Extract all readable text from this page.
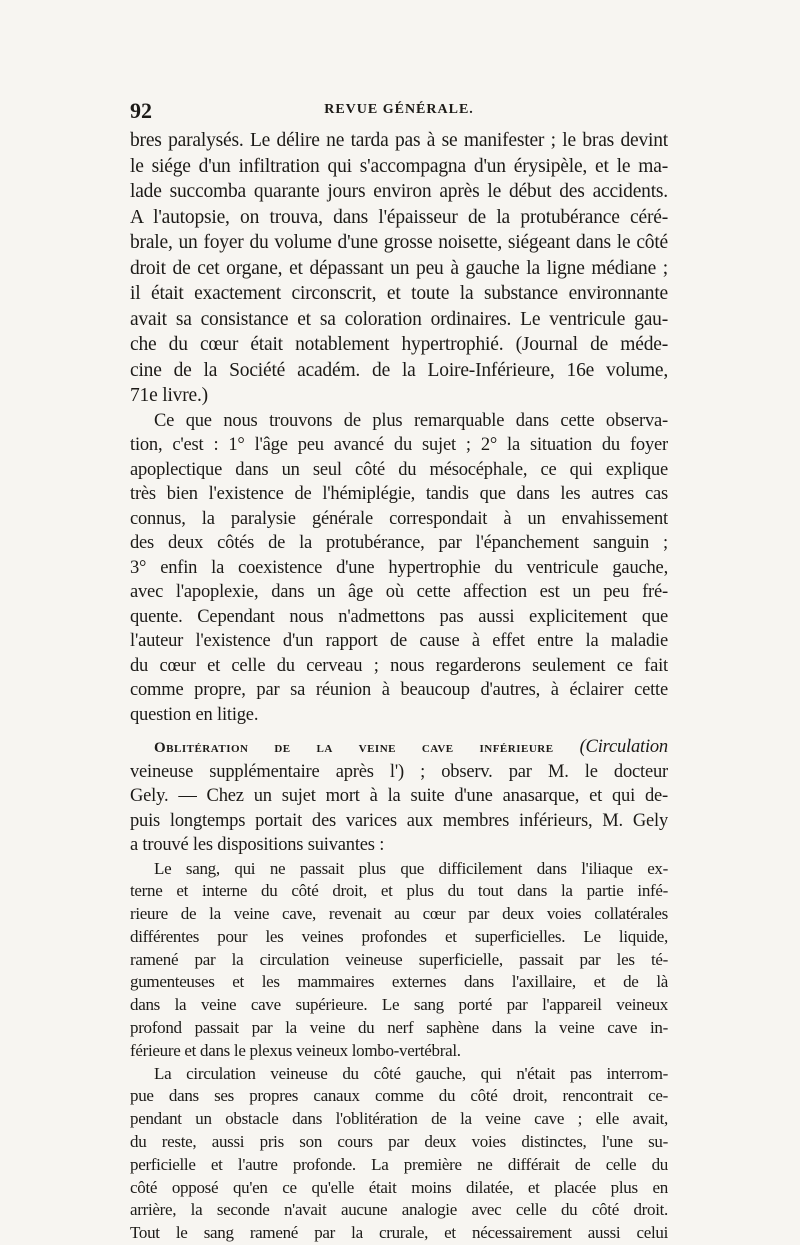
92	REVUE GÉNÉRALE.
bres paralysés. Le délire ne tarda pas à se manifester ; le bras devint
le siége d'un infiltration qui s'accompagna d'un érysipèle, et le ma-
lade succomba quarante jours environ après le début des accidents.
A l'autopsie, on trouva, dans l'épaisseur de la protubérance céré-
brale, un foyer du volume d'une grosse noisette, siégeant dans le côté
droit de cet organe, et dépassant un peu à gauche la ligne médiane ;
il était exactement circonscrit, et toute la substance environnante
avait sa consistance et sa coloration ordinaires. Le ventricule gau-
che du cœur était notablement hypertrophié. (Journal de méde-
cine de la Société académ. de la Loire-Inférieure, 16e volume,
71e livre.)
Ce que nous trouvons de plus remarquable dans cette observa-
tion, c'est : 1° l'âge peu avancé du sujet ; 2° la situation du foyer
apoplectique dans un seul côté du mésocéphale, ce qui explique
très bien l'existence de l'hémiplégie, tandis que dans les autres cas
connus, la paralysie générale correspondait à un envahissement
des deux côtés de la protubérance, par l'épanchement sanguin ;
3° enfin la coexistence d'une hypertrophie du ventricule gauche,
avec l'apoplexie, dans un âge où cette affection est un peu fré-
quente. Cependant nous n'admettons pas aussi explicitement que
l'auteur l'existence d'un rapport de cause à effet entre la maladie
du cœur et celle du cerveau ; nous regarderons seulement ce fait
comme propre, par sa réunion à beaucoup d'autres, à éclairer cette
question en litige.
Oblitération de la veine cave inférieure (Circulation
veineuse supplémentaire après l') ; observ. par M. le docteur
Gely. — Chez un sujet mort à la suite d'une anasarque, et qui de-
puis longtemps portait des varices aux membres inférieurs, M. Gely
a trouvé les dispositions suivantes :
Le sang, qui ne passait plus que difficilement dans l'iliaque ex-
terne et interne du côté droit, et plus du tout dans la partie infé-
rieure de la veine cave, revenait au cœur par deux voies collatérales
différentes pour les veines profondes et superficielles. Le liquide,
ramené par la circulation veineuse superficielle, passait par les té-
gumenteuses et les mammaires externes dans l'axillaire, et de là
dans la veine cave supérieure. Le sang porté par l'appareil veineux
profond passait par la veine du nerf saphène dans la veine cave in-
férieure et dans le plexus veineux lombo-vertébral.
La circulation veineuse du côté gauche, qui n'était pas interrom-
pue dans ses propres canaux comme du côté droit, rencontrait ce-
pendant un obstacle dans l'oblitération de la veine cave ; elle avait,
du reste, aussi pris son cours par deux voies distinctes, l'une su-
perficielle et l'autre profonde. La première ne différait de celle du
côté opposé qu'en ce qu'elle était moins dilatée, et placée plus en
arrière, la seconde n'avait aucune analogie avec celle du côté droit.
Tout le sang ramené par la crurale, et nécessairement aussi celui
